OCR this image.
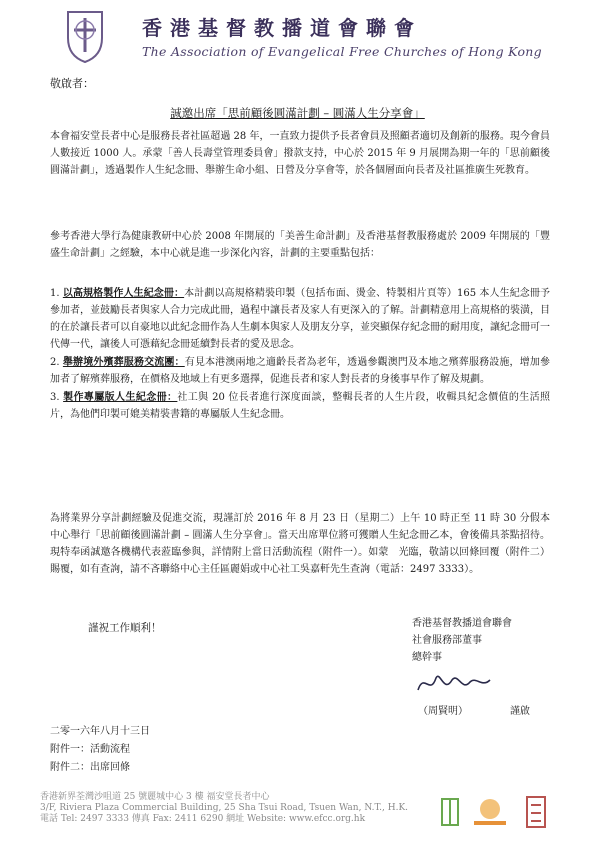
香港基督教播道會聯會
The Association of Evangelical Free Churches of Hong Kong
敬啟者：
誠邀出席「思前顧後圓滿計劃 – 圓滿人生分享會」
本會福安堂長者中心是服務長者社區超過 28 年，一直致力提供予長者會員及照顧者適切及創新的服務。現今會員人數接近 1000 人。承蒙「善人長壽堂管理委員會」撥款支持，中心於 2015 年 9 月展開為期一年的「思前顧後圓滿計劃」，透過製作人生紀念冊、舉辦生命小組、日營及分享會等，於各個層面向長者及社區推廣生死教育。
參考香港大學行為健康教研中心於 2008 年開展的「美善生命計劃」及香港基督教服務處於 2009 年開展的「豐盛生命計劃」之經驗，本中心就是進一步深化內容，計劃的主要重點包括：
1. 以高規格製作人生紀念冊：本計劃以高規格精裝印製（包括布面、燙金、特製相片頁等）165 本人生紀念冊予參加者，並鼓勵長者與家人合力完成此冊，過程中讓長者及家人有更深入的了解。計劃精意用上高規格的裝潢，目的在於讓長者可以自豪地以此紀念冊作為人生劇本與家人及朋友分享，並突顯保存紀念冊的耐用度，讓紀念冊可一代傳一代，讓後人可憑藉紀念冊延續對長者的愛及思念。
2. 舉辦境外殯葬服務交流團：有見本港澳兩地之適齡長者為老年，透過參觀澳門及本地之殯葬服務設施，增加參加者了解殯葬服務，在價格及地域上有更多選擇，促進長者和家人對長者的身後事早作了解及規劃。
3. 製作專屬版人生紀念冊：社工與 20 位長者進行深度面談，整輯長者的人生片段，收輯具紀念價值的生活照片，為他們印製可媲美精裝書籍的專屬版人生紀念冊。
為將業界分享計劃經驗及促進交流，現謹訂於 2016 年 8 月 23 日（星期二）上午 10 時正至 11 時 30 分假本中心舉行「思前顧後圓滿計劃 – 圓滿人生分享會」。當天出席單位將可獲贈人生紀念冊乙本，會後備具茶點招待。現特奉函誠邀各機構代表蒞臨參與，詳情附上當日活動流程（附件一）。如蒙　光臨，敬請以回條回覆（附件二）賜覆，如有查詢，請不吝聯絡中心主任區麗娟或中心社工吳嘉軒先生查詢（電話：2497 3333）。
謹祝工作順利！	香港基督教播道會聯會
社會服務部董事
總幹事
（周賢明）	謹啟
二零一六年八月十三日
附件一：活動流程
附件二：出席回條
香港新界荃灣沙咀道 25 號麗城中心 3 樓 福安堂長者中心
3/F, Riviera Plaza Commercial Building, 25 Sha Tsui Road, Tsuen Wan, N.T., H.K.
電話 Tel: 2497 3333 傳真 Fax: 2411 6290 網址 Website: www.efcc.org.hk
